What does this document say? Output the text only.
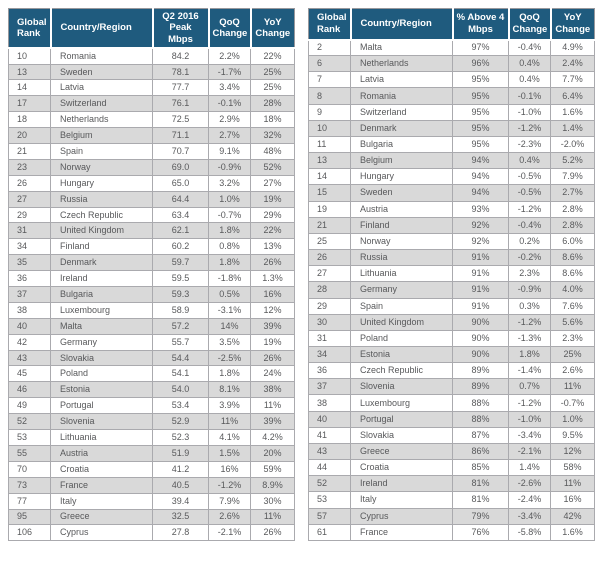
Global Rank	Country/Region	Q2 2016 Peak Mbps	QoQ Change	YoY Change
10	Romania	84.2	2.2%	22%
13	Sweden	78.1	-1.7%	25%
14	Latvia	77.7	3.4%	25%
17	Switzerland	76.1	-0.1%	28%
18	Netherlands	72.5	2.9%	18%
20	Belgium	71.1	2.7%	32%
21	Spain	70.7	9.1%	48%
23	Norway	69.0	-0.9%	52%
26	Hungary	65.0	3.2%	27%
27	Russia	64.4	1.0%	19%
29	Czech Republic	63.4	-0.7%	29%
31	United Kingdom	62.1	1.8%	22%
34	Finland	60.2	0.8%	13%
35	Denmark	59.7	1.8%	26%
36	Ireland	59.5	-1.8%	1.3%
37	Bulgaria	59.3	0.5%	16%
38	Luxembourg	58.9	-3.1%	12%
40	Malta	57.2	14%	39%
42	Germany	55.7	3.5%	19%
43	Slovakia	54.4	-2.5%	26%
45	Poland	54.1	1.8%	24%
46	Estonia	54.0	8.1%	38%
49	Portugal	53.4	3.9%	11%
52	Slovenia	52.9	11%	39%
53	Lithuania	52.3	4.1%	4.2%
55	Austria	51.9	1.5%	20%
70	Croatia	41.2	16%	59%
73	France	40.5	-1.2%	8.9%
77	Italy	39.4	7.9%	30%
95	Greece	32.5	2.6%	11%
106	Cyprus	27.8	-2.1%	26%
Global Rank	Country/Region	% Above 4 Mbps	QoQ Change	YoY Change
2	Malta	97%	-0.4%	4.9%
6	Netherlands	96%	0.4%	2.4%
7	Latvia	95%	0.4%	7.7%
8	Romania	95%	-0.1%	6.4%
9	Switzerland	95%	-1.0%	1.6%
10	Denmark	95%	-1.2%	1.4%
11	Bulgaria	95%	-2.3%	-2.0%
13	Belgium	94%	0.4%	5.2%
14	Hungary	94%	-0.5%	7.9%
15	Sweden	94%	-0.5%	2.7%
19	Austria	93%	-1.2%	2.8%
21	Finland	92%	-0.4%	2.8%
25	Norway	92%	0.2%	6.0%
26	Russia	91%	-0.2%	8.6%
27	Lithuania	91%	2.3%	8.6%
28	Germany	91%	-0.9%	4.0%
29	Spain	91%	0.3%	7.6%
30	United Kingdom	90%	-1.2%	5.6%
31	Poland	90%	-1.3%	2.3%
34	Estonia	90%	1.8%	25%
36	Czech Republic	89%	-1.4%	2.6%
37	Slovenia	89%	0.7%	11%
38	Luxembourg	88%	-1.2%	-0.7%
40	Portugal	88%	-1.0%	1.0%
41	Slovakia	87%	-3.4%	9.5%
43	Greece	86%	-2.1%	12%
44	Croatia	85%	1.4%	58%
52	Ireland	81%	-2.6%	11%
53	Italy	81%	-2.4%	16%
57	Cyprus	79%	-3.4%	42%
61	France	76%	-5.8%	1.6%
